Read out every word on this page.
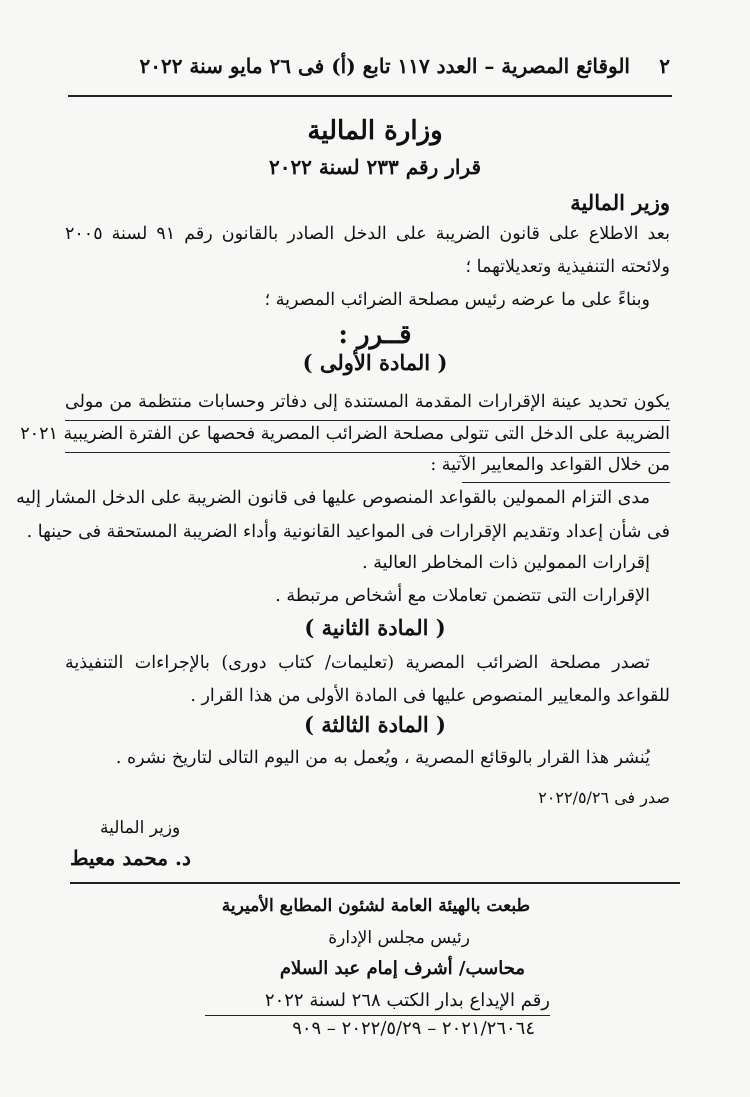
٢
الوقائع المصرية – العدد ١١٧ تابع (أ) فى ٢٦ مايو سنة ٢٠٢٢
وزارة المالية
قرار رقم ٢٣٣ لسنة ٢٠٢٢
وزير المالية
بعد الاطلاع على قانون الضريبة على الدخل الصادر بالقانون رقم ٩١ لسنة ٢٠٠٥
ولائحته التنفيذية وتعديلاتهما ؛
وبناءً على ما عرضه رئيس مصلحة الضرائب المصرية ؛
قــرر :
( المادة الأولى )
يكون تحديد عينة الإقرارات المقدمة المستندة إلى دفاتر وحسابات منتظمة من مولى
الضريبة على الدخل التى تتولى مصلحة الضرائب المصرية فحصها عن الفترة الضريبية ٢٠٢١
من خلال القواعد والمعايير الآتية :
مدى التزام الممولين بالقواعد المنصوص عليها فى قانون الضريبة على الدخل المشار إليه
فى شأن إعداد وتقديم الإقرارات فى المواعيد القانونية وأداء الضريبة المستحقة فى حينها .
إقرارات الممولين ذات المخاطر العالية .
الإقرارات التى تتضمن تعاملات مع أشخاص مرتبطة .
( المادة الثانية )
تصدر مصلحة الضرائب المصرية (تعليمات/ كتاب دورى) بالإجراءات التنفيذية
للقواعد والمعايير المنصوص عليها فى المادة الأولى من هذا القرار .
( المادة الثالثة )
يُنشر هذا القرار بالوقائع المصرية ، ويُعمل به من اليوم التالى لتاريخ نشره .
صدر فى ٢٠٢٢/٥/٢٦
وزير المالية
د. محمد معيط
طبعت بالهيئة العامة لشئون المطابع الأميرية
رئيس مجلس الإدارة
محاسب/ أشرف إمام عبد السلام
رقم الإيداع بدار الكتب ٢٦٨ لسنة ٢٠٢٢
٢٠٢١/٢٦٠٦٤ – ٢٠٢٢/٥/٢٩ – ٩٠٩
